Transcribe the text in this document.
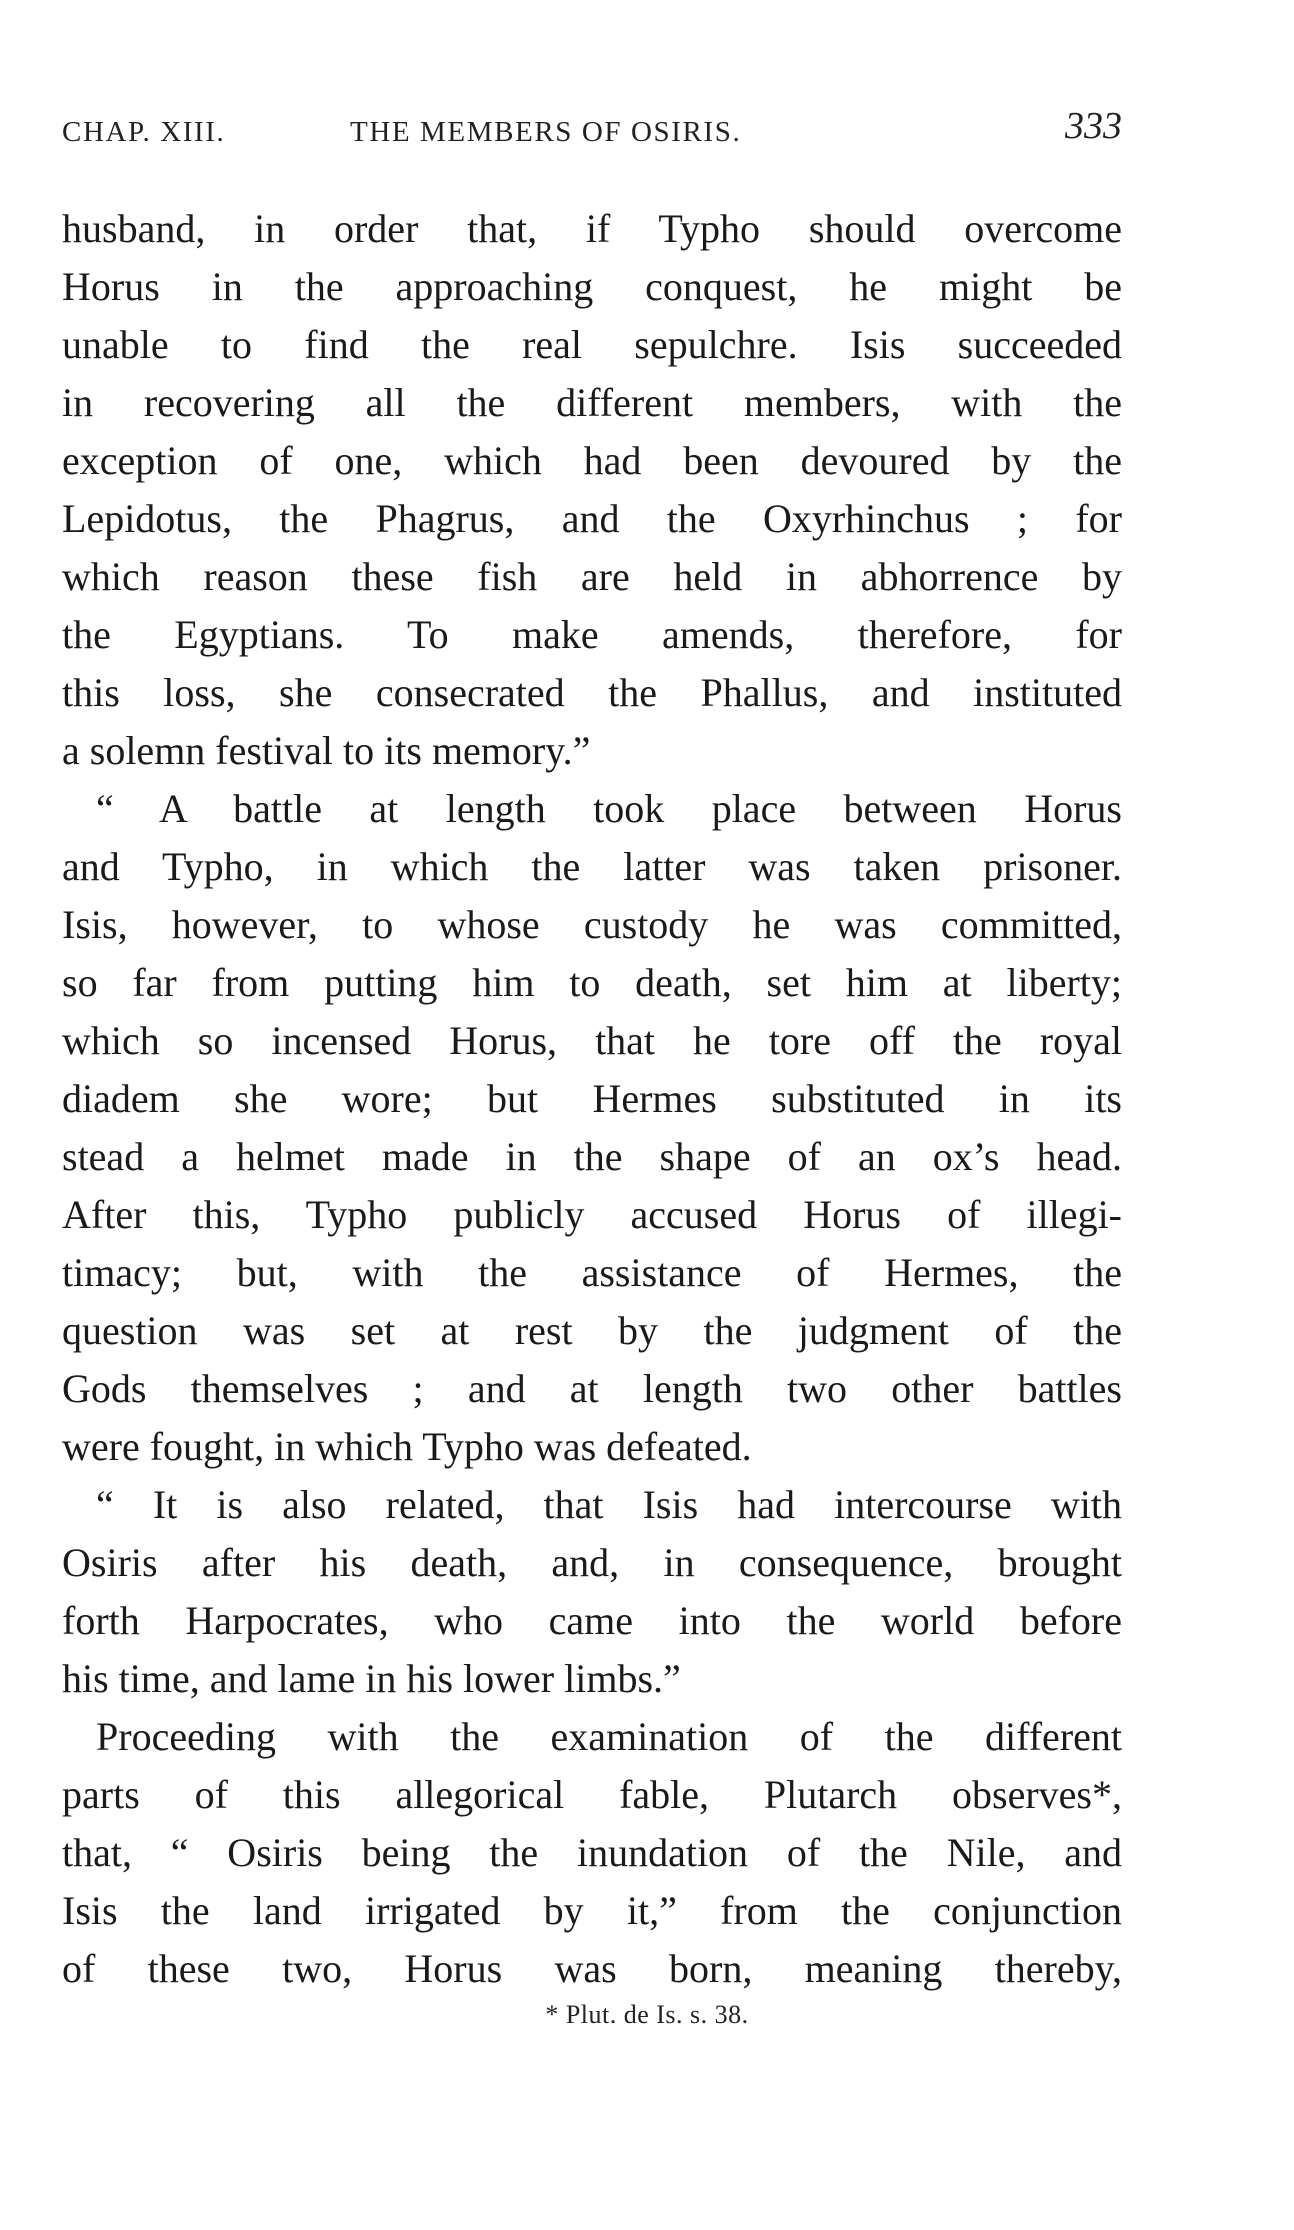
CHAP. XIII.	THE MEMBERS OF OSIRIS.	333
husband, in order that, if Typho should overcome
Horus in the approaching conquest, he might be
unable to find the real sepulchre. Isis succeeded
in recovering all the different members, with the
exception of one, which had been devoured by the
Lepidotus, the Phagrus, and the Oxyrhinchus ; for
which reason these fish are held in abhorrence by
the Egyptians. To make amends, therefore, for
this loss, she consecrated the Phallus, and instituted
a solemn festival to its memory.”
“ A battle at length took place between Horus
and Typho, in which the latter was taken prisoner.
Isis, however, to whose custody he was committed,
so far from putting him to death, set him at liberty;
which so incensed Horus, that he tore off the royal
diadem she wore; but Hermes substituted in its
stead a helmet made in the shape of an ox’s head.
After this, Typho publicly accused Horus of illegi-
timacy; but, with the assistance of Hermes, the
question was set at rest by the judgment of the
Gods themselves ; and at length two other battles
were fought, in which Typho was defeated.
“ It is also related, that Isis had intercourse with
Osiris after his death, and, in consequence, brought
forth Harpocrates, who came into the world before
his time, and lame in his lower limbs.”
Proceeding with the examination of the different
parts of this allegorical fable, Plutarch observes*,
that, “ Osiris being the inundation of the Nile, and
Isis the land irrigated by it,” from the conjunction
of these two, Horus was born, meaning thereby,
* Plut. de Is. s. 38.
